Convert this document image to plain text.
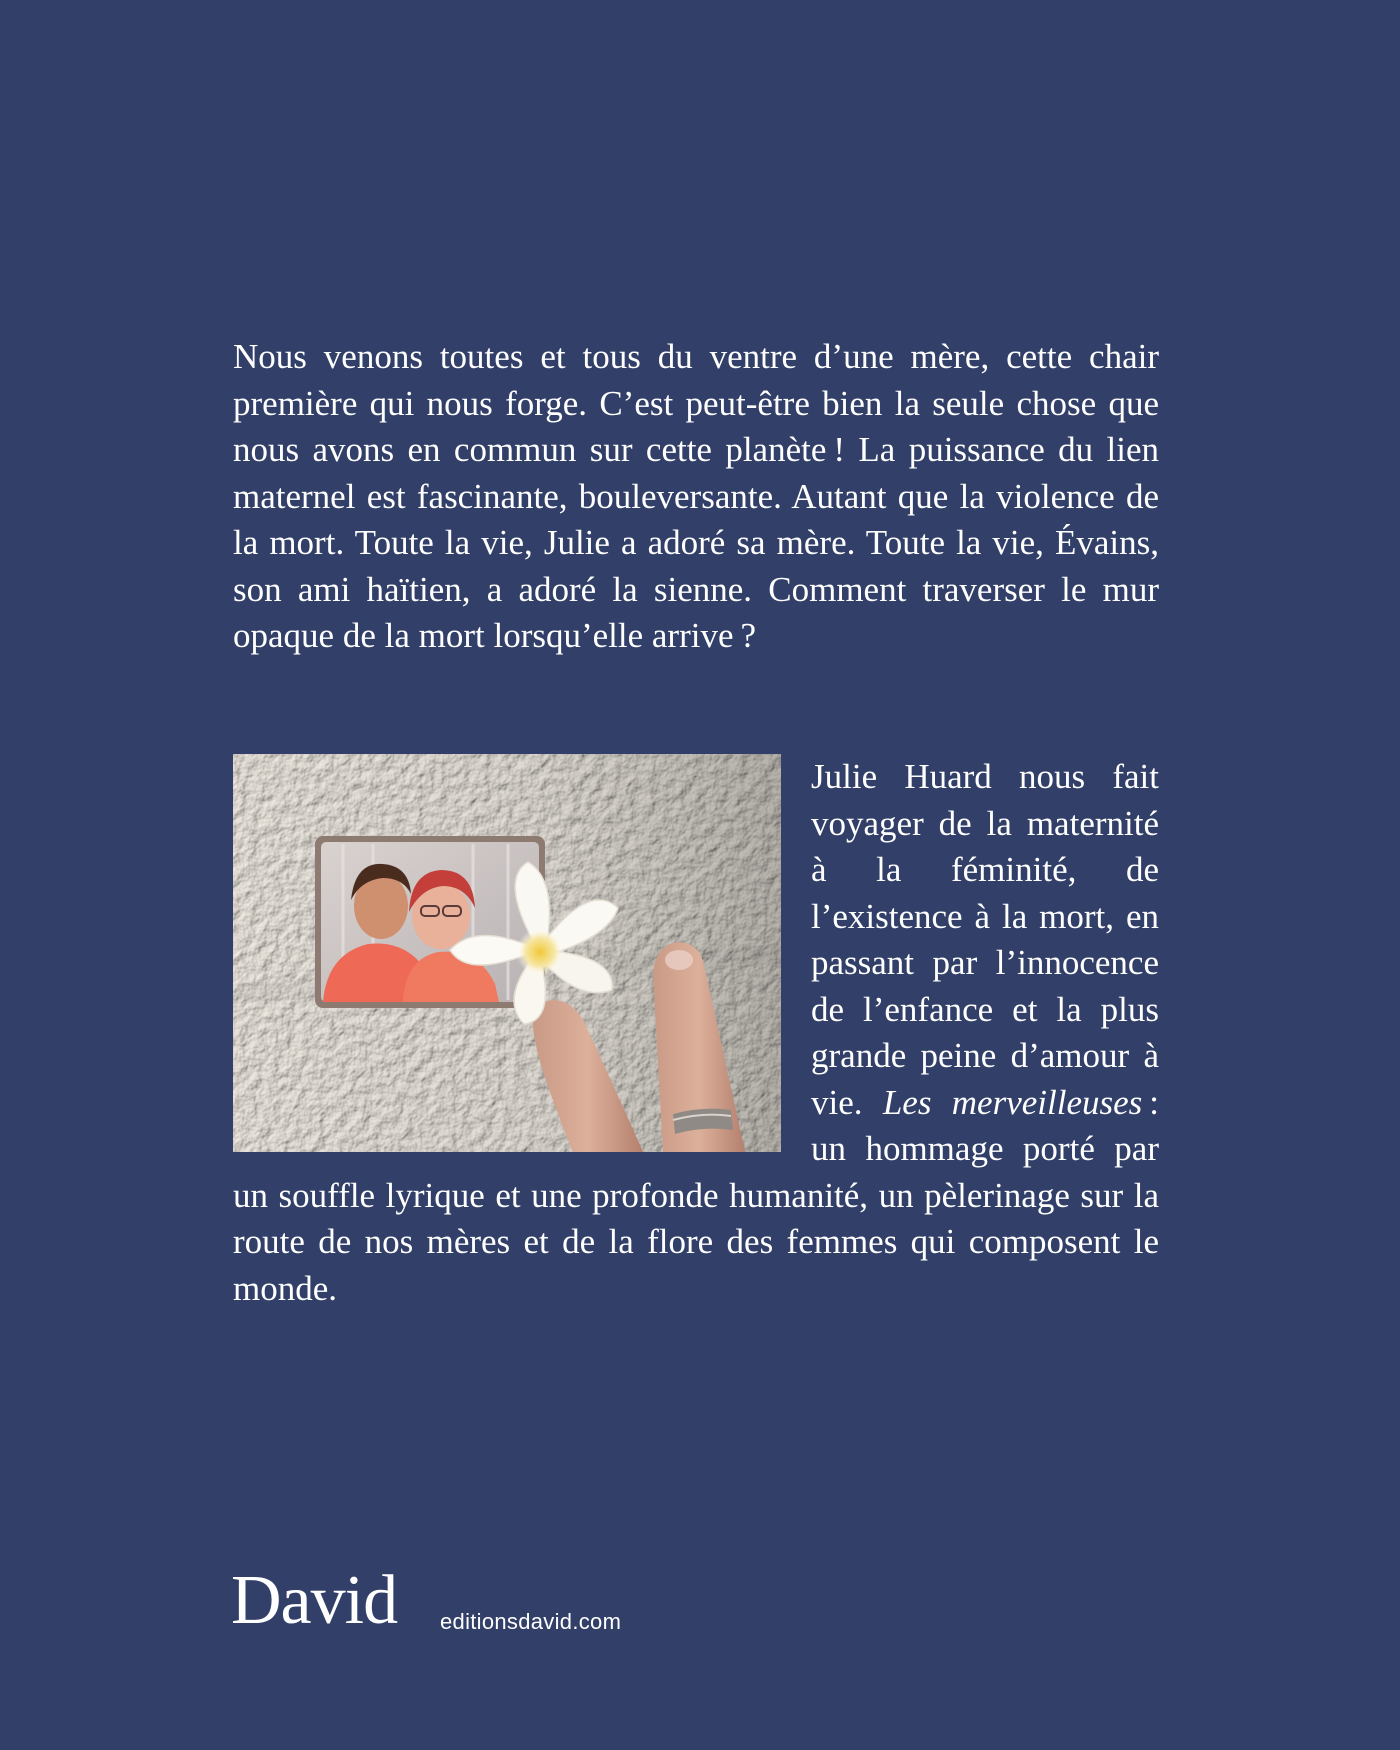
Nous venons toutes et tous du ventre d’une mère, cette chair première qui nous forge. C’est peut-être bien la seule chose que nous avons en commun sur cette planète ! La puissance du lien maternel est fascinante, bouleversante. Autant que la violence de la mort. Toute la vie, Julie a adoré sa mère. Toute la vie, Évains, son ami haïtien, a adoré la sienne. Comment traverser le mur opaque de la mort lorsqu’elle arrive ?

Julie Huard nous fait voyager de la maternité à la féminité, de l’existence à la mort, en passant par l’innocence de l’enfance et la plus grande peine d’amour à vie. Les merveilleuses : un hommage porté par un souffle lyrique et une profonde humanité, un pèlerinage sur la route de nos mères et de la flore des femmes qui composent le monde.
David editionsdavid.com
